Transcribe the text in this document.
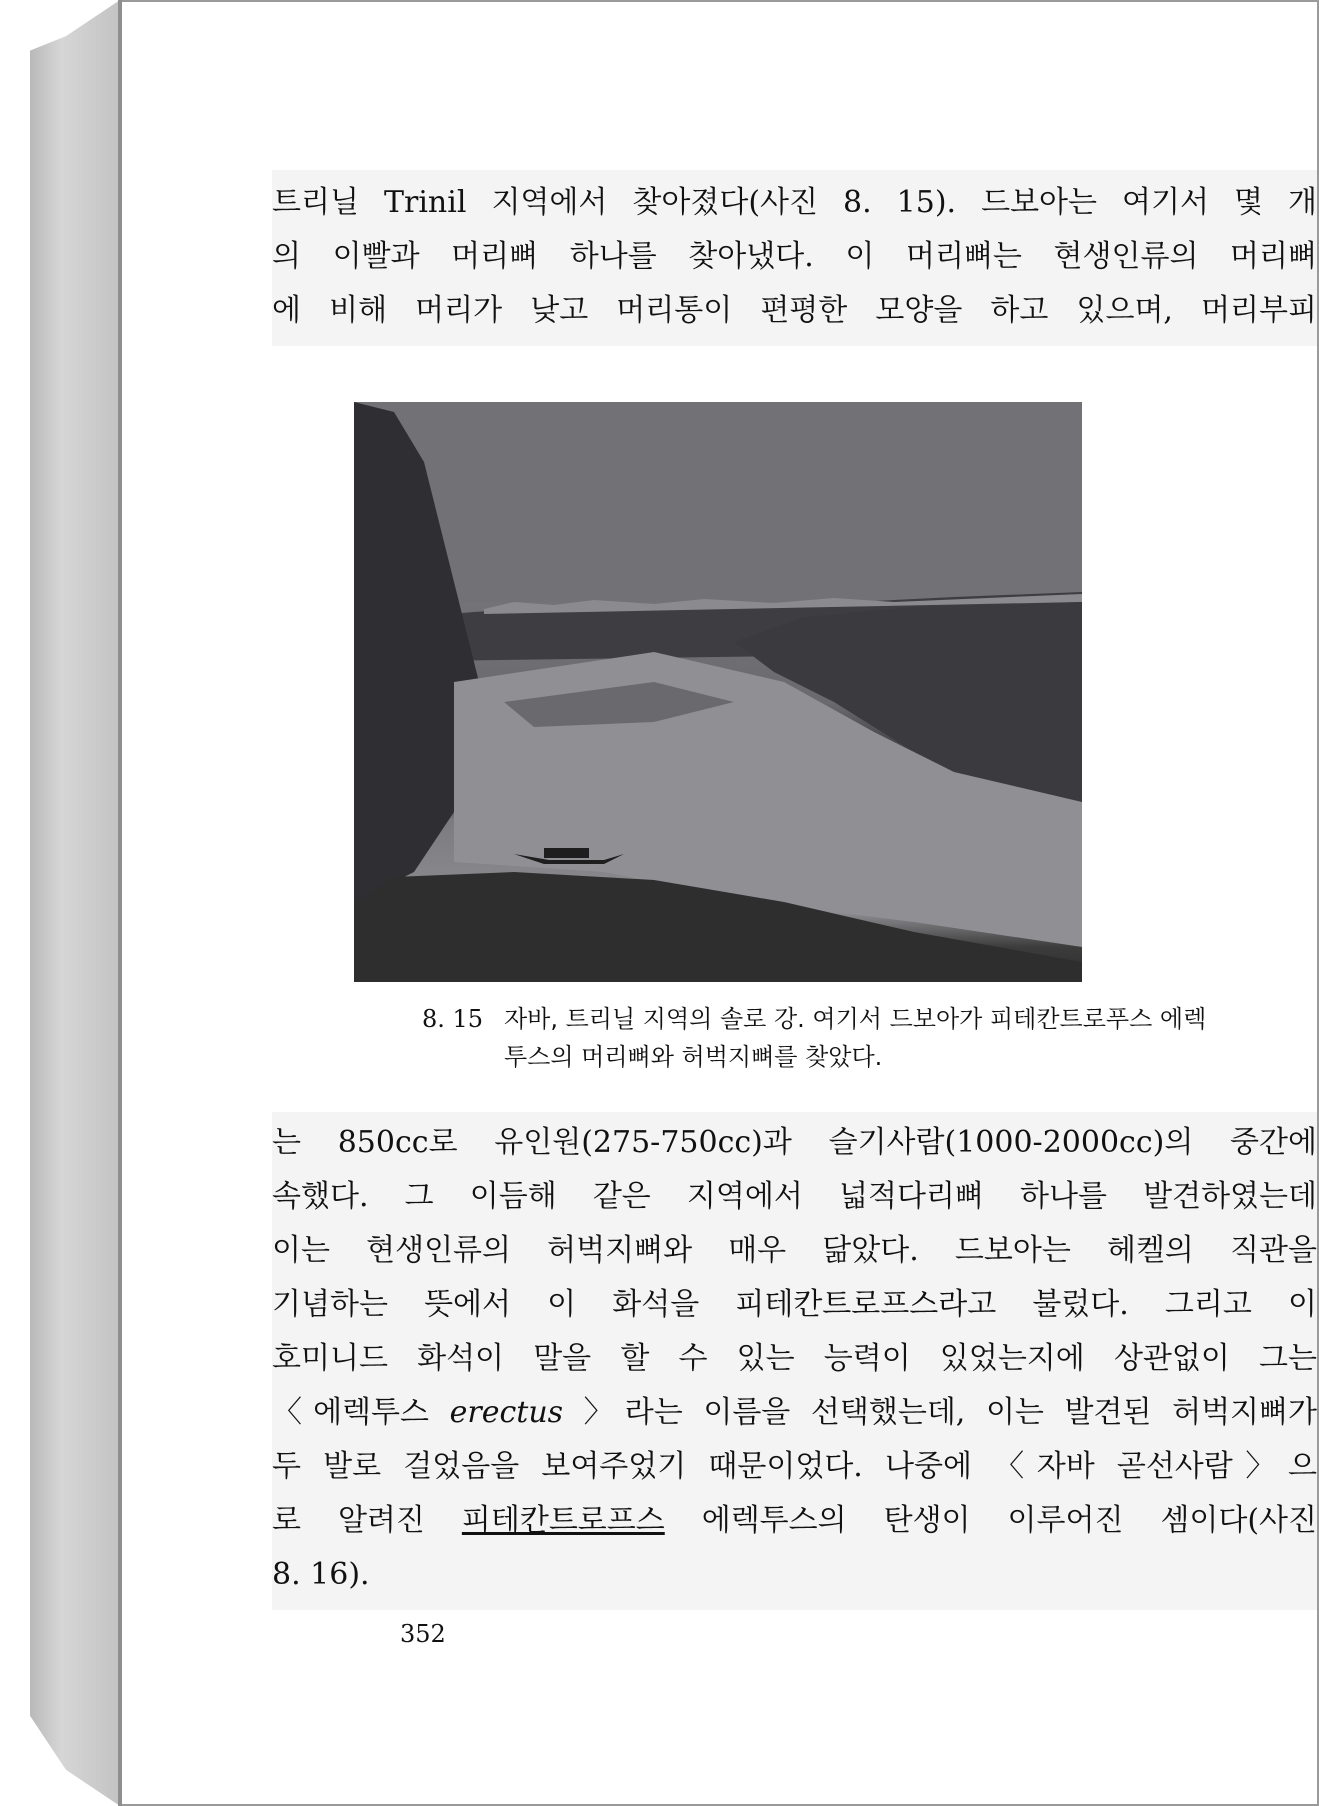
트리닐 Trinil 지역에서 찾아졌다(사진 8. 15). 드보아는 여기서 몇 개
의 이빨과 머리뼈 하나를 찾아냈다. 이 머리뼈는 현생인류의 머리뼈
에 비해 머리가 낮고 머리통이 편평한 모양을 하고 있으며, 머리부피
8. 15 자바, 트리닐 지역의 솔로 강. 여기서 드보아가 피테칸트로푸스 에렉
투스의 머리뼈와 허벅지뼈를 찾았다.
는 850cc로 유인원(275-750cc)과 슬기사람(1000-2000cc)의 중간에
속했다. 그 이듬해 같은 지역에서 넓적다리뼈 하나를 발견하였는데
이는 현생인류의 허벅지뼈와 매우 닮았다. 드보아는 헤켈의 직관을
기념하는 뜻에서 이 화석을 피테칸트로프스라고 불렀다. 그리고 이
호미니드 화석이 말을 할 수 있는 능력이 있었는지에 상관없이 그는
〈에렉투스 erectus 〉라는 이름을 선택했는데, 이는 발견된 허벅지뼈가
두 발로 걸었음을 보여주었기 때문이었다. 나중에 〈자바 곧선사람〉으
로 알려진 피테칸트로프스 에렉투스의 탄생이 이루어진 셈이다(사진
8. 16).
352
